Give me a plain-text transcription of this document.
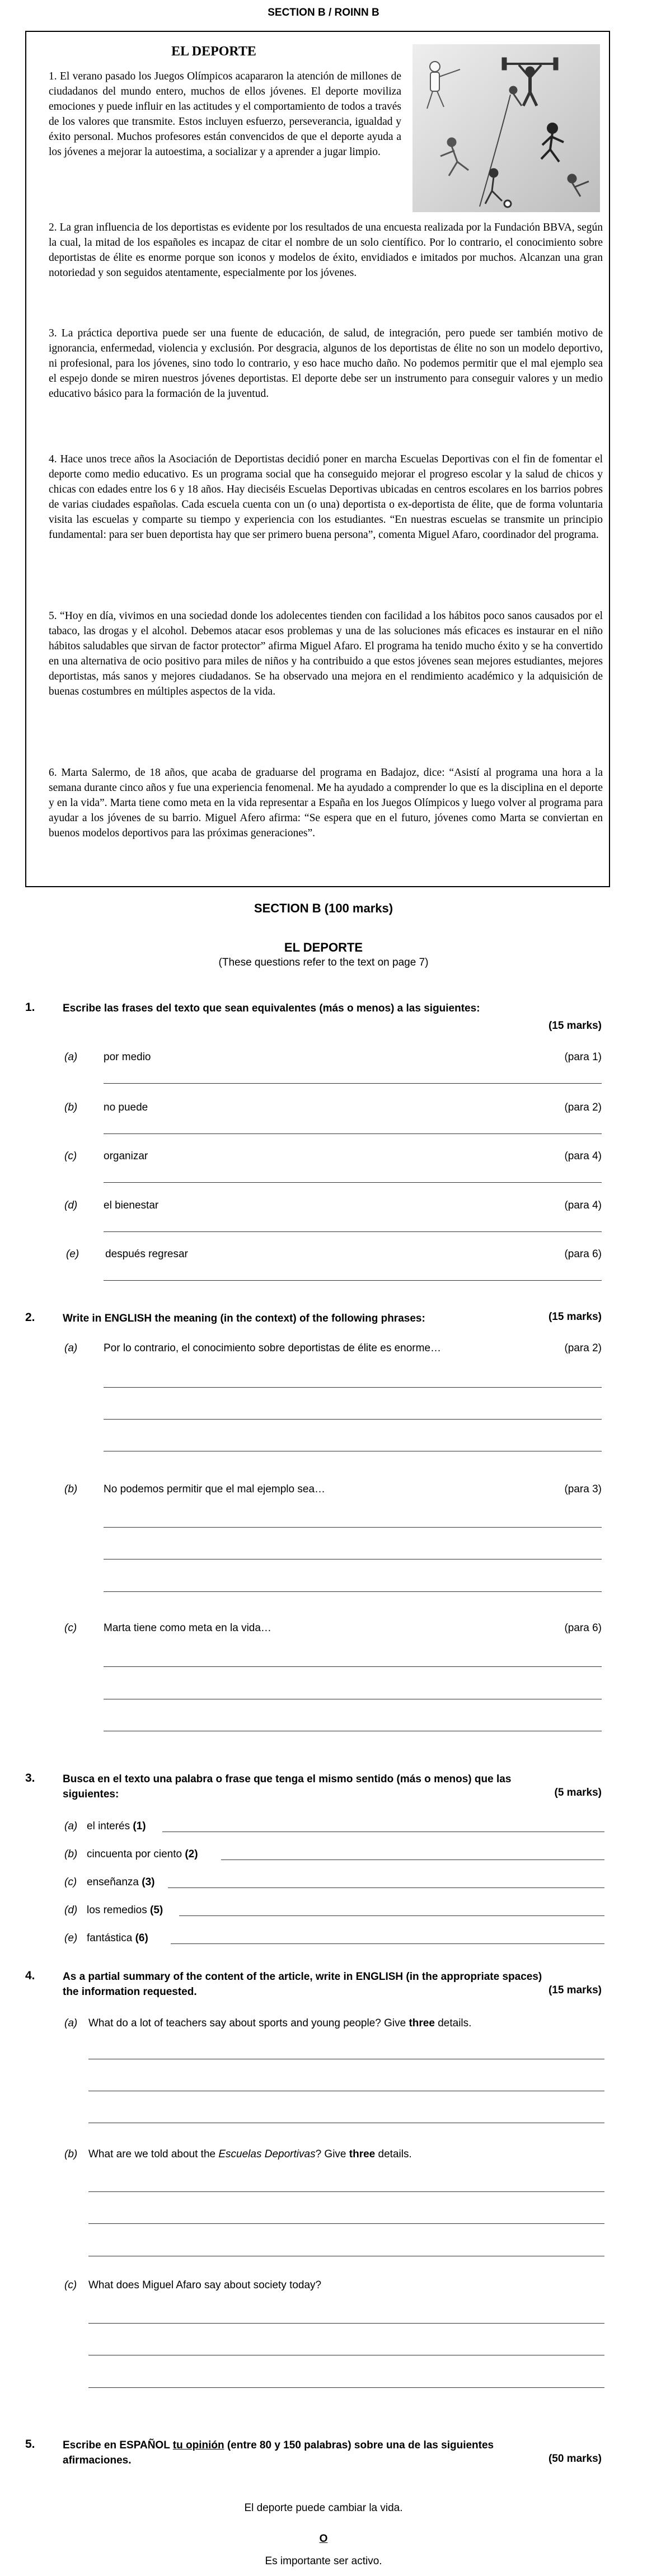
SECTION B / ROINN B
EL DEPORTE

1. El verano pasado los Juegos Olímpicos acapararon la atención de millones de ciudadanos del mundo entero, muchos de ellos jóvenes. El deporte moviliza emociones y puede influir en las actitudes y el comportamiento de todos a través de los valores que transmite. Estos incluyen esfuerzo, perseverancia, igualdad y éxito personal. Muchos profesores están convencidos de que el deporte ayuda a los jóvenes a mejorar la autoestima, a socializar y a aprender a jugar limpio.

2. La gran influencia de los deportistas es evidente por los resultados de una encuesta realizada por la Fundación BBVA, según la cual, la mitad de los españoles es incapaz de citar el nombre de un solo científico. Por lo contrario, el conocimiento sobre deportistas de élite es enorme porque son iconos y modelos de éxito, envidiados e imitados por muchos. Alcanzan una gran notoriedad y son seguidos atentamente, especialmente por los jóvenes.

3. La práctica deportiva puede ser una fuente de educación, de salud, de integración, pero puede ser también motivo de ignorancia, enfermedad, violencia y exclusión. Por desgracia, algunos de los deportistas de élite no son un modelo deportivo, ni profesional, para los jóvenes, sino todo lo contrario, y eso hace mucho daño. No podemos permitir que el mal ejemplo sea el espejo donde se miren nuestros jóvenes deportistas. El deporte debe ser un instrumento para conseguir valores y un medio educativo básico para la formación de la juventud.

4. Hace unos trece años la Asociación de Deportistas decidió poner en marcha Escuelas Deportivas con el fin de fomentar el deporte como medio educativo. Es un programa social que ha conseguido mejorar el progreso escolar y la salud de chicos y chicas con edades entre los 6 y 18 años. Hay dieciséis Escuelas Deportivas ubicadas en centros escolares en los barrios pobres de varias ciudades españolas. Cada escuela cuenta con un (o una) deportista o ex-deportista de élite, que de forma voluntaria visita las escuelas y comparte su tiempo y experiencia con los estudiantes. “En nuestras escuelas se transmite un principio fundamental: para ser buen deportista hay que ser primero buena persona”, comenta Miguel Afaro, coordinador del programa.

5. “Hoy en día, vivimos en una sociedad donde los adolecentes tienden con facilidad a los hábitos poco sanos causados por el tabaco, las drogas y el alcohol. Debemos atacar esos problemas y una de las soluciones más eficaces es instaurar en el niño hábitos saludables que sirvan de factor protector” afirma Miguel Afaro. El programa ha tenido mucho éxito y se ha convertido en una alternativa de ocio positivo para miles de niños y ha contribuido a que estos jóvenes sean mejores estudiantes, mejores deportistas, más sanos y mejores ciudadanos. Se ha observado una mejora en el rendimiento académico y la adquisición de buenas costumbres en múltiples aspectos de la vida.

6. Marta Salermo, de 18 años, que acaba de graduarse del programa en Badajoz, dice: “Asistí al programa una hora a la semana durante cinco años y fue una experiencia fenomenal. Me ha ayudado a comprender lo que es la disciplina en el deporte y en la vida”. Marta tiene como meta en la vida representar a España en los Juegos Olímpicos y luego volver al programa para ayudar a los jóvenes de su barrio. Miguel Afero afirma: “Se espera que en el futuro, jóvenes como Marta se conviertan en buenos modelos deportivos para las próximas generaciones”.

SECTION B (100 marks)
EL DEPORTE
(These questions refer to the text on page 7)
1.	Escribe las frases del texto que sean equivalentes (más o menos) a las siguientes:
(15 marks)
(a) por medio	(para 1)
(b) no puede	(para 2)
(c)	organizar	(para 4)
(d) el bienestar	(para 4)
(e) después regresar	(para 6)
2.	Write in ENGLISH the meaning (in the context) of the following phrases:	(15 marks)
(a) Por lo contrario, el conocimiento sobre deportistas de élite es enorme…	(para 2)
(b) No podemos permitir que el mal ejemplo sea…	(para 3)
(c)	Marta tiene como meta en la vida…	(para 6)
3.	Busca en el texto una palabra o frase que tenga el mismo sentido (más o menos) que las
siguientes:	(5 marks)
(a) el interés (1)
(b) cincuenta por ciento (2)
(c) enseñanza (3)
(d) los remedios (5)
(e) fantástica (6)
4.	As a partial summary of the content of the article, write in ENGLISH (in the appropriate spaces)
the information requested.	(15 marks)
(a) What do a lot of teachers say about sports and young people? Give three details.
(b) What are we told about the Escuelas Deportivas? Give three details.
(c) What does Miguel Afaro say about society today?
5.	Escribe en ESPAÑOL tu opinión (entre 80 y 150 palabras) sobre una de las siguientes
afirmaciones.	(50 marks)
El deporte puede cambiar la vida.
O
Es importante ser activo.
